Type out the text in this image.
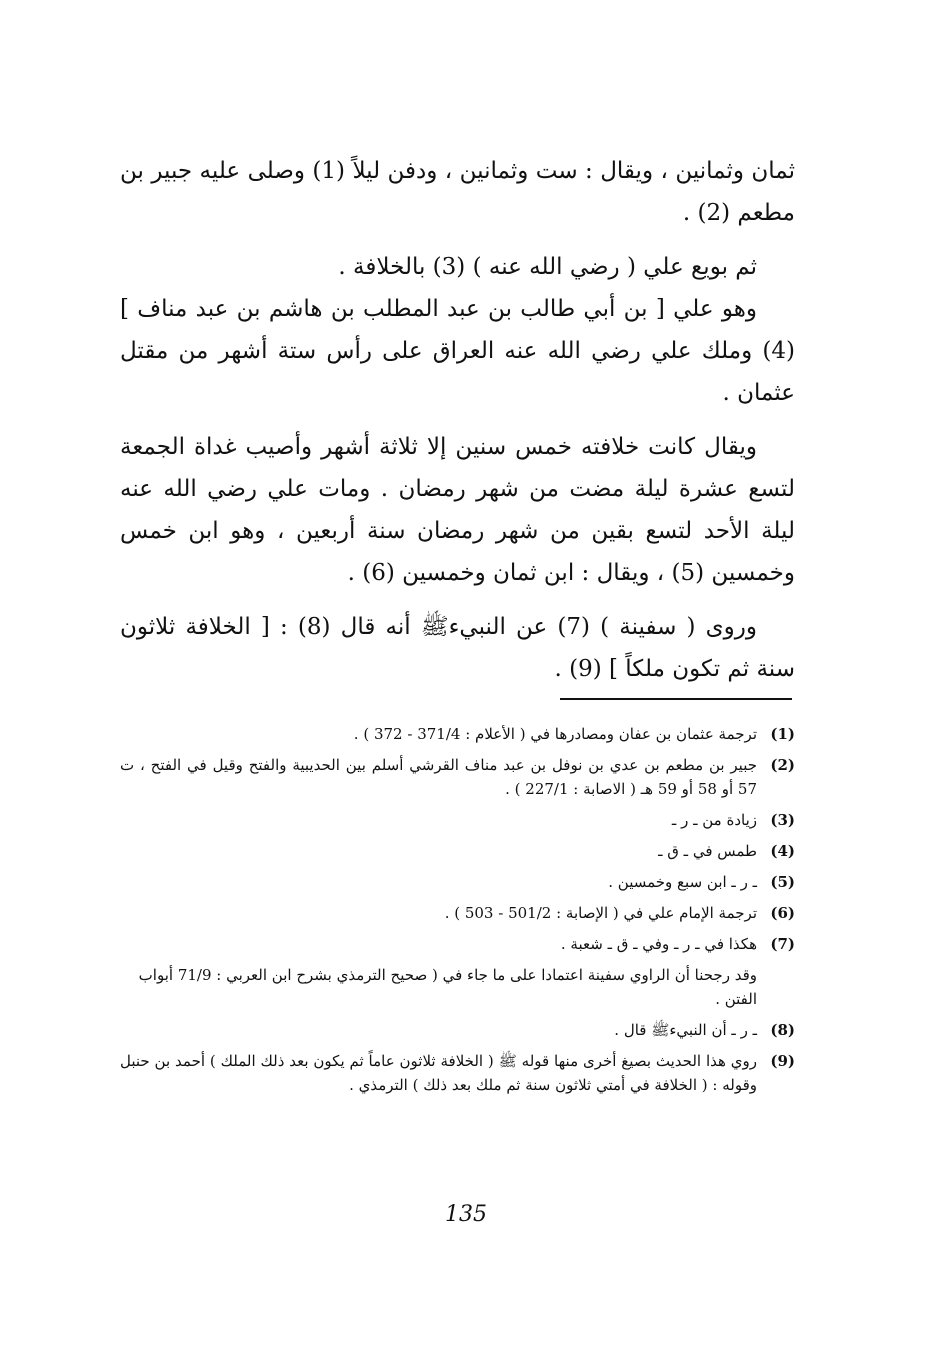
ثمان وثمانين ، ويقال : ست وثمانين ، ودفن ليلاً (1) وصلى عليه جبير بن مطعم (2) .

ثم بويع علي ( رضي الله عنه ) (3) بالخلافة .

وهو علي [ بن أبي طالب بن عبد المطلب بن هاشم بن عبد مناف ] (4) وملك علي رضي الله عنه العراق على رأس ستة أشهر من مقتل عثمان .

ويقال كانت خلافته خمس سنين إلا ثلاثة أشهر وأصيب غداة الجمعة لتسع عشرة ليلة مضت من شهر رمضان . ومات علي رضي الله عنه ليلة الأحد لتسع بقين من شهر رمضان سنة أربعين ، وهو ابن خمس وخمسين (5) ، ويقال : ابن ثمان وخمسين (6) .

وروى ( سفينة ) (7) عن النبيءﷺ أنه قال (8) : [ الخلافة ثلاثون سنة ثم تكون ملكاً ] (9) .

(1)
ترجمة عثمان بن عفان ومصادرها في ( الأعلام : 371/4 - 372 ) .
(2)
جبير بن مطعم بن عدي بن نوفل بن عبد مناف القرشي أسلم بين الحديبية والفتح وقيل في الفتح ، ت 57 أو 58 أو 59 هـ ( الاصابة : 227/1 ) .
(3)
زيادة من ـ ر ـ
(4)
طمس في ـ ق ـ
(5)
ـ ر ـ ابن سبع وخمسين .
(6)
ترجمة الإمام علي في ( الإصابة : 501/2 - 503 ) .
(7)
هكذا في ـ ر ـ وفي ـ ق ـ شعبة .
وقد رجحنا أن الراوي سفينة اعتمادا على ما جاء في ( صحيح الترمذي بشرح ابن العربي : 71/9 أبواب الفتن .
(8)
ـ ر ـ أن النبيءﷺ قال .
(9)
روي هذا الحديث بصيغ أخرى منها قوله ﷺ ( الخلافة ثلاثون عاماً ثم يكون بعد ذلك الملك ) أحمد بن حنبل وقوله : ( الخلافة في أمتي ثلاثون سنة ثم ملك بعد ذلك ) الترمذي .
135
